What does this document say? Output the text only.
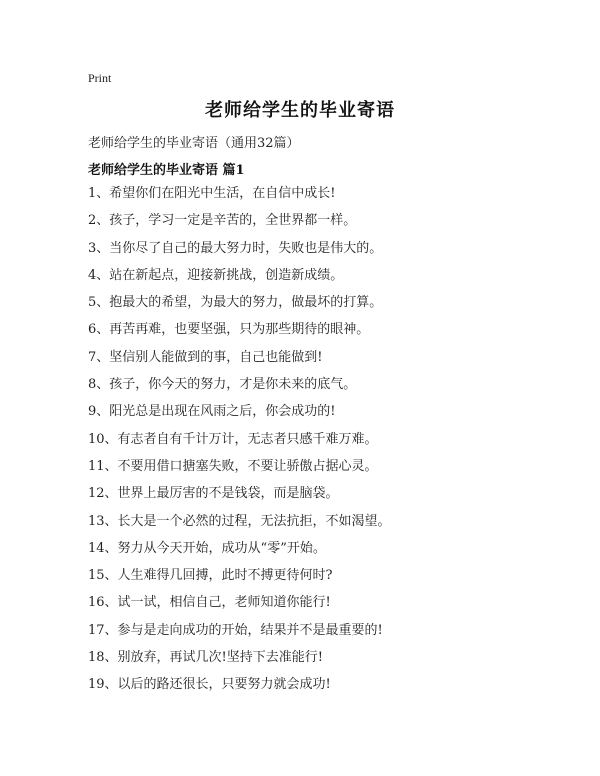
Print
老师给学生的毕业寄语
老师给学生的毕业寄语（通用32篇）
老师给学生的毕业寄语 篇1
1、希望你们在阳光中生活，在自信中成长!
2、孩子，学习一定是辛苦的，全世界都一样。
3、当你尽了自己的最大努力时，失败也是伟大的。
4、站在新起点，迎接新挑战，创造新成绩。
5、抱最大的希望，为最大的努力，做最坏的打算。
6、再苦再难，也要坚强，只为那些期待的眼神。
7、坚信别人能做到的事，自己也能做到!
8、孩子，你今天的努力，才是你未来的底气。
9、阳光总是出现在风雨之后，你会成功的!
10、有志者自有千计万计，无志者只感千难万难。
11、不要用借口搪塞失败，不要让骄傲占据心灵。
12、世界上最厉害的不是钱袋，而是脑袋。
13、长大是一个必然的过程，无法抗拒，不如渴望。
14、努力从今天开始，成功从“零”开始。
15、人生难得几回搏，此时不搏更待何时?
16、试一试，相信自己，老师知道你能行!
17、参与是走向成功的开始，结果并不是最重要的!
18、别放弃，再试几次!坚持下去准能行!
19、以后的路还很长，只要努力就会成功!
